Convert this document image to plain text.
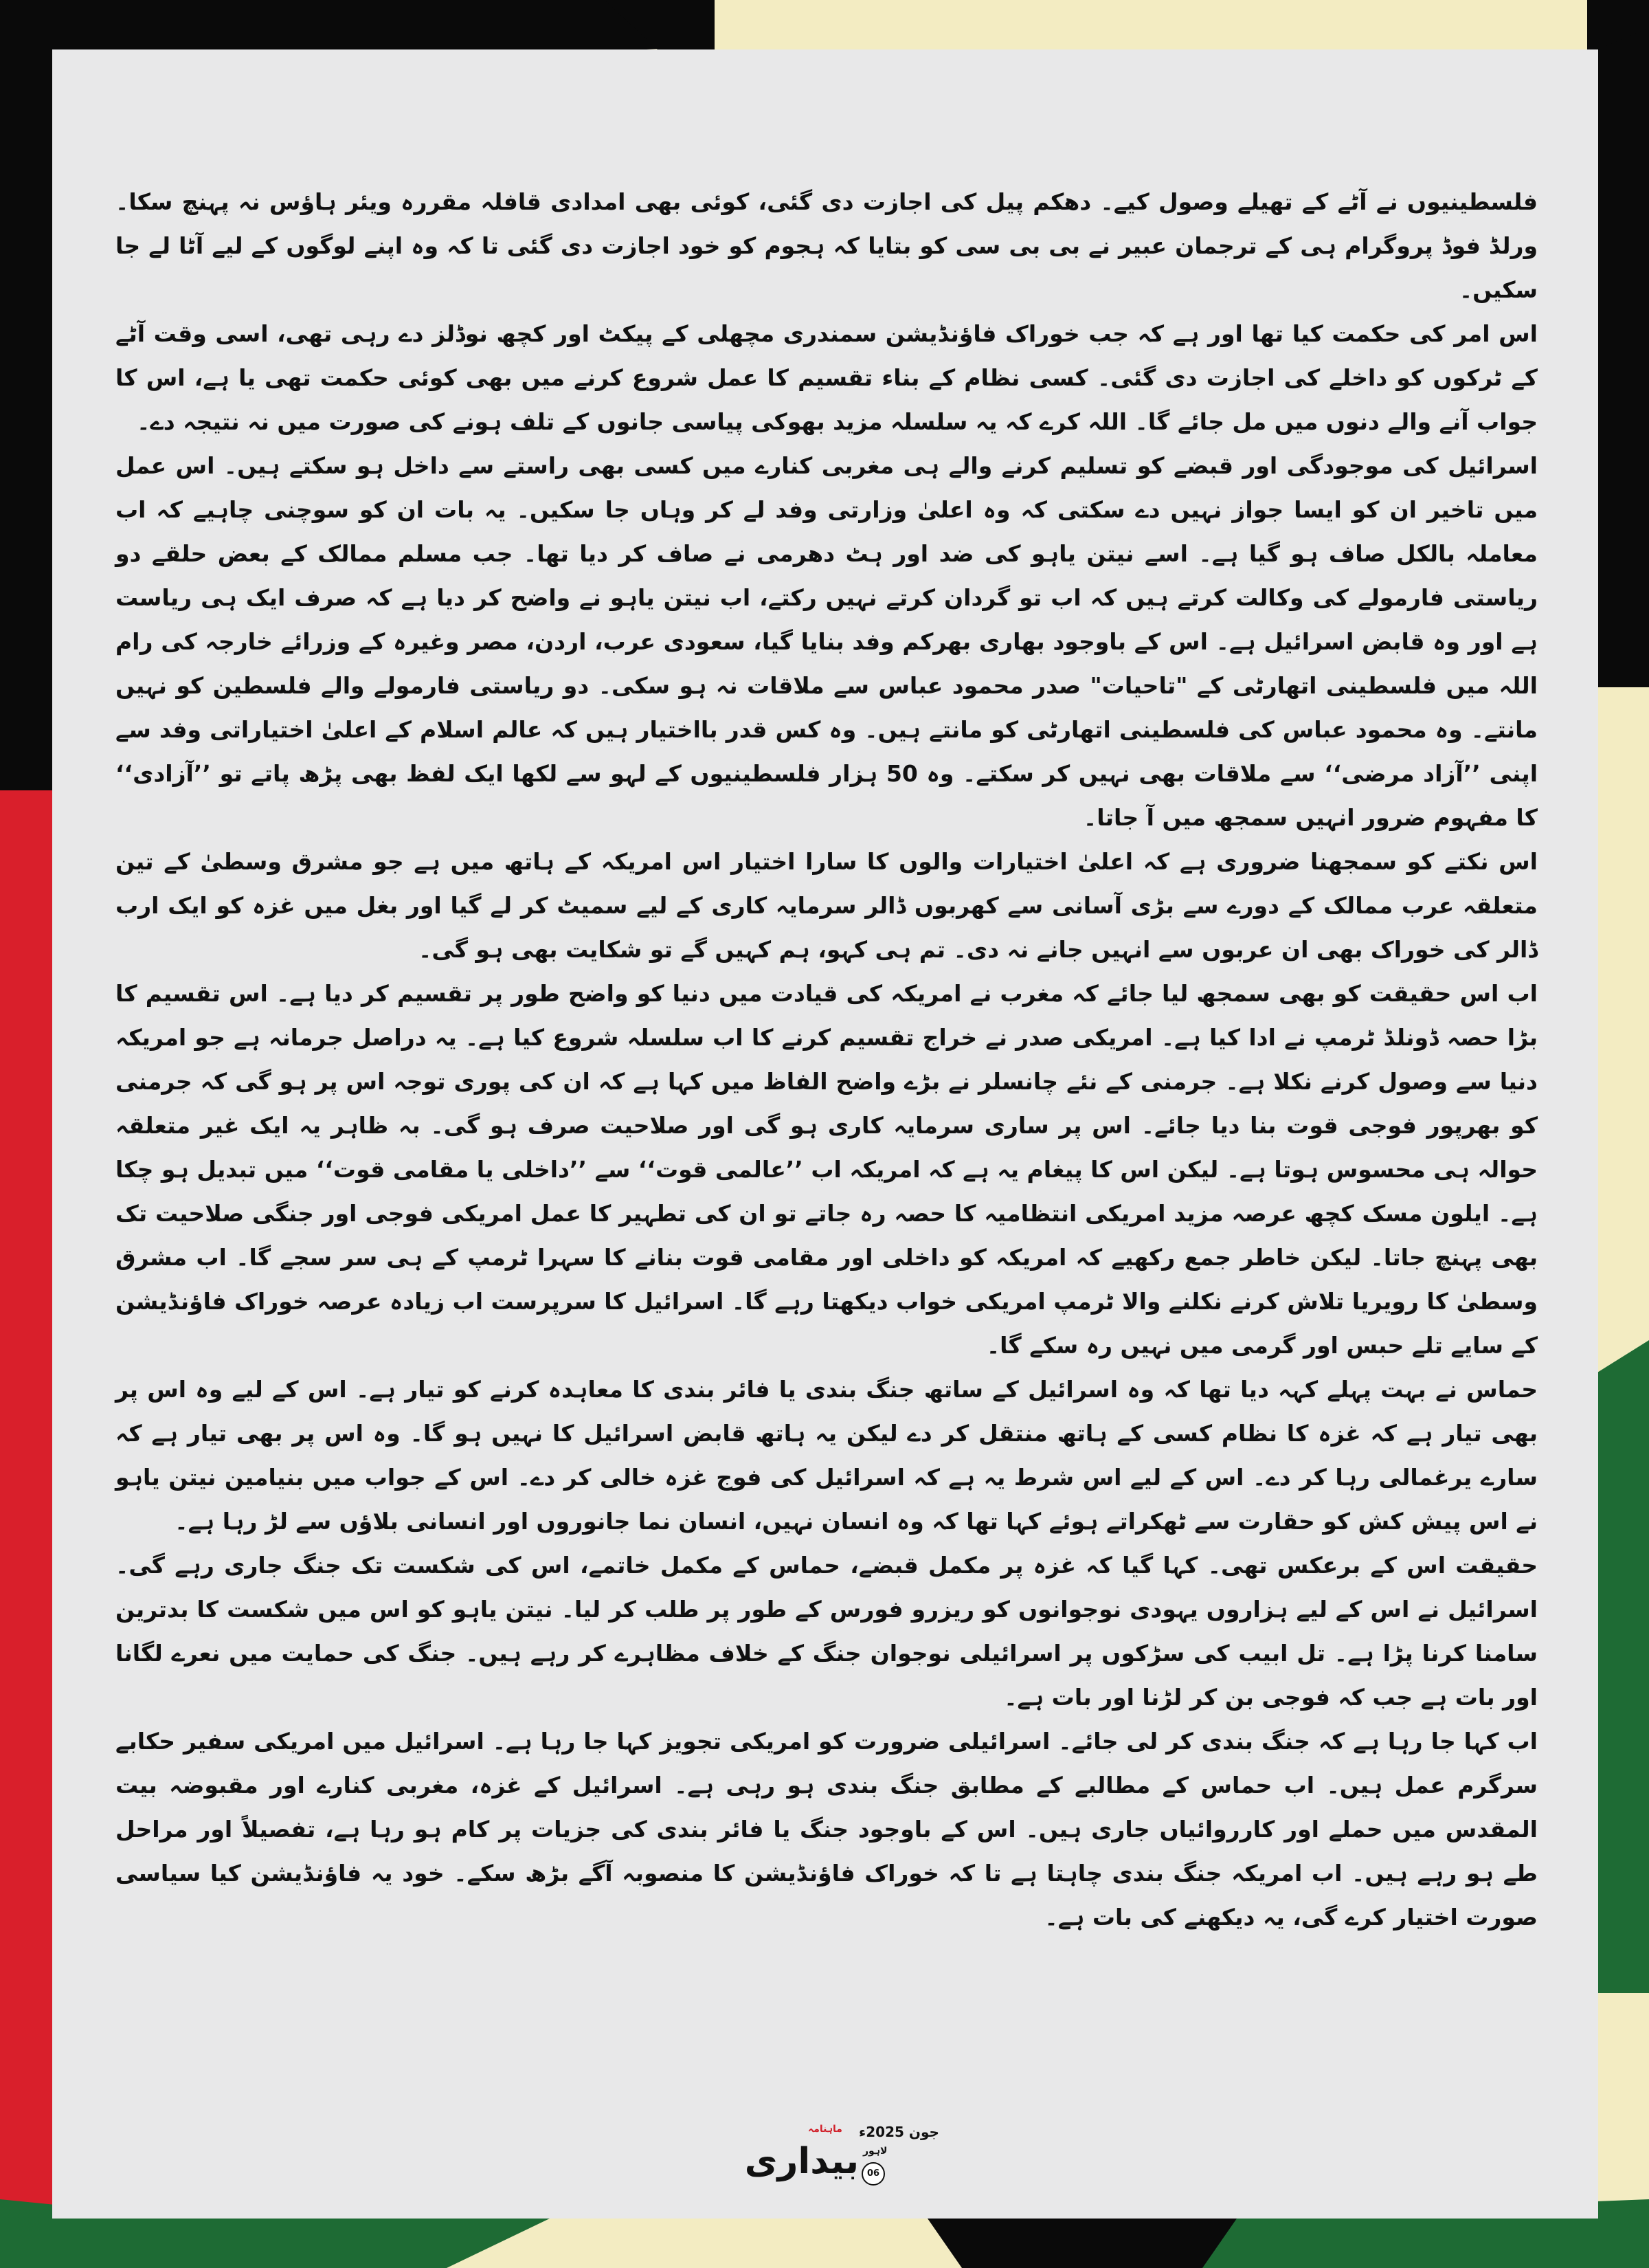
فلسطینیوں نے آٹے کے تھیلے وصول کیے۔ دھکم پیل کی اجازت دی گئی، کوئی بھی امدادی قافلہ مقررہ ویئر ہاؤس نہ پہنچ سکا۔ ورلڈ فوڈ پروگرام ہی کے ترجمان عبیر نے بی بی سی کو بتایا کہ ہجوم کو خود اجازت دی گئی تا کہ وہ اپنے لوگوں کے لیے آٹا لے جا سکیں۔

اس امر کی حکمت کیا تھا اور ہے کہ جب خوراک فاؤنڈیشن سمندری مچھلی کے پیکٹ اور کچھ نوڈلز دے رہی تھی، اسی وقت آٹے کے ٹرکوں کو داخلے کی اجازت دی گئی۔ کسی نظام کے بناء تقسیم کا عمل شروع کرنے میں بھی کوئی حکمت تھی یا ہے، اس کا جواب آنے والے دنوں میں مل جائے گا۔ اللہ کرے کہ یہ سلسلہ مزید بھوکی پیاسی جانوں کے تلف ہونے کی صورت میں نہ نتیجہ دے۔

اسرائیل کی موجودگی اور قبضے کو تسلیم کرنے والے ہی مغربی کنارے میں کسی بھی راستے سے داخل ہو سکتے ہیں۔ اس عمل میں تاخیر ان کو ایسا جواز نہیں دے سکتی کہ وہ اعلیٰ وزارتی وفد لے کر وہاں جا سکیں۔ یہ بات ان کو سوچنی چاہیے کہ اب معاملہ بالکل صاف ہو گیا ہے۔ اسے نیتن یاہو کی ضد اور ہٹ دھرمی نے صاف کر دیا تھا۔ جب مسلم ممالک کے بعض حلقے دو ریاستی فارمولے کی وکالت کرتے ہیں کہ اب تو گردان کرتے نہیں رکتے، اب نیتن یاہو نے واضح کر دیا ہے کہ صرف ایک ہی ریاست ہے اور وہ قابض اسرائیل ہے۔ اس کے باوجود بھاری بھرکم وفد بنایا گیا، سعودی عرب، اردن، مصر وغیرہ کے وزرائے خارجہ کی رام اللہ میں فلسطینی اتھارٹی کے "تاحیات" صدر محمود عباس سے ملاقات نہ ہو سکی۔ دو ریاستی فارمولے والے فلسطین کو نہیں مانتے۔ وہ محمود عباس کی فلسطینی اتھارٹی کو مانتے ہیں۔ وہ کس قدر بااختیار ہیں کہ عالم اسلام کے اعلیٰ اختیاراتی وفد سے اپنی ’’آزاد مرضی‘‘ سے ملاقات بھی نہیں کر سکتے۔ وہ 50 ہزار فلسطینیوں کے لہو سے لکھا ایک لفظ بھی پڑھ پاتے تو ’’آزادی‘‘ کا مفہوم ضرور انہیں سمجھ میں آ جاتا۔

اس نکتے کو سمجھنا ضروری ہے کہ اعلیٰ اختیارات والوں کا سارا اختیار اس امریکہ کے ہاتھ میں ہے جو مشرق وسطیٰ کے تین متعلقہ عرب ممالک کے دورے سے بڑی آسانی سے کھربوں ڈالر سرمایہ کاری کے لیے سمیٹ کر لے گیا اور بغل میں غزہ کو ایک ارب ڈالر کی خوراک بھی ان عربوں سے انہیں جانے نہ دی۔ تم ہی کہو، ہم کہیں گے تو شکایت بھی ہو گی۔

اب اس حقیقت کو بھی سمجھ لیا جائے کہ مغرب نے امریکہ کی قیادت میں دنیا کو واضح طور پر تقسیم کر دیا ہے۔ اس تقسیم کا بڑا حصہ ڈونلڈ ٹرمپ نے ادا کیا ہے۔ امریکی صدر نے خراج تقسیم کرنے کا اب سلسلہ شروع کیا ہے۔ یہ دراصل جرمانہ ہے جو امریکہ دنیا سے وصول کرنے نکلا ہے۔ جرمنی کے نئے چانسلر نے بڑے واضح الفاظ میں کہا ہے کہ ان کی پوری توجہ اس پر ہو گی کہ جرمنی کو بھرپور فوجی قوت بنا دیا جائے۔ اس پر ساری سرمایہ کاری ہو گی اور صلاحیت صرف ہو گی۔ بہ ظاہر یہ ایک غیر متعلقہ حوالہ ہی محسوس ہوتا ہے۔ لیکن اس کا پیغام یہ ہے کہ امریکہ اب ’’عالمی قوت‘‘ سے ’’داخلی یا مقامی قوت‘‘ میں تبدیل ہو چکا ہے۔ ایلون مسک کچھ عرصہ مزید امریکی انتظامیہ کا حصہ رہ جاتے تو ان کی تطہیر کا عمل امریکی فوجی اور جنگی صلاحیت تک بھی پہنچ جاتا۔ لیکن خاطر جمع رکھیے کہ امریکہ کو داخلی اور مقامی قوت بنانے کا سہرا ٹرمپ کے ہی سر سجے گا۔ اب مشرق وسطیٰ کا رویریا تلاش کرنے نکلنے والا ٹرمپ امریکی خواب دیکھتا رہے گا۔ اسرائیل کا سرپرست اب زیادہ عرصہ خوراک فاؤنڈیشن کے سایے تلے حبس اور گرمی میں نہیں رہ سکے گا۔

حماس نے بہت پہلے کہہ دیا تھا کہ وہ اسرائیل کے ساتھ جنگ بندی یا فائر بندی کا معاہدہ کرنے کو تیار ہے۔ اس کے لیے وہ اس پر بھی تیار ہے کہ غزہ کا نظام کسی کے ہاتھ منتقل کر دے لیکن یہ ہاتھ قابض اسرائیل کا نہیں ہو گا۔ وہ اس پر بھی تیار ہے کہ سارے یرغمالی رہا کر دے۔ اس کے لیے اس شرط یہ ہے کہ اسرائیل کی فوج غزہ خالی کر دے۔ اس کے جواب میں بنیامین نیتن یاہو نے اس پیش کش کو حقارت سے ٹھکراتے ہوئے کہا تھا کہ وہ انسان نہیں، انسان نما جانوروں اور انسانی بلاؤں سے لڑ رہا ہے۔

حقیقت اس کے برعکس تھی۔ کہا گیا کہ غزہ پر مکمل قبضے، حماس کے مکمل خاتمے، اس کی شکست تک جنگ جاری رہے گی۔ اسرائیل نے اس کے لیے ہزاروں یہودی نوجوانوں کو ریزرو فورس کے طور پر طلب کر لیا۔ نیتن یاہو کو اس میں شکست کا بدترین سامنا کرنا پڑا ہے۔ تل ابیب کی سڑکوں پر اسرائیلی نوجوان جنگ کے خلاف مظاہرے کر رہے ہیں۔ جنگ کی حمایت میں نعرے لگانا اور بات ہے جب کہ فوجی بن کر لڑنا اور بات ہے۔

اب کہا جا رہا ہے کہ جنگ بندی کر لی جائے۔ اسرائیلی ضرورت کو امریکی تجویز کہا جا رہا ہے۔ اسرائیل میں امریکی سفیر حکابے سرگرم عمل ہیں۔ اب حماس کے مطالبے کے مطابق جنگ بندی ہو رہی ہے۔ اسرائیل کے غزہ، مغربی کنارے اور مقبوضہ بیت المقدس میں حملے اور کارروائیاں جاری ہیں۔ اس کے باوجود جنگ یا فائر بندی کی جزیات پر کام ہو رہا ہے، تفصیلاً اور مراحل طے ہو رہے ہیں۔ اب امریکہ جنگ بندی چاہتا ہے تا کہ خوراک فاؤنڈیشن کا منصوبہ آگے بڑھ سکے۔ خود یہ فاؤنڈیشن کیا سیاسی صورت اختیار کرے گی، یہ دیکھنے کی بات ہے۔

ماہنامہ
بیداری
جون 2025ء
لاہور
06
